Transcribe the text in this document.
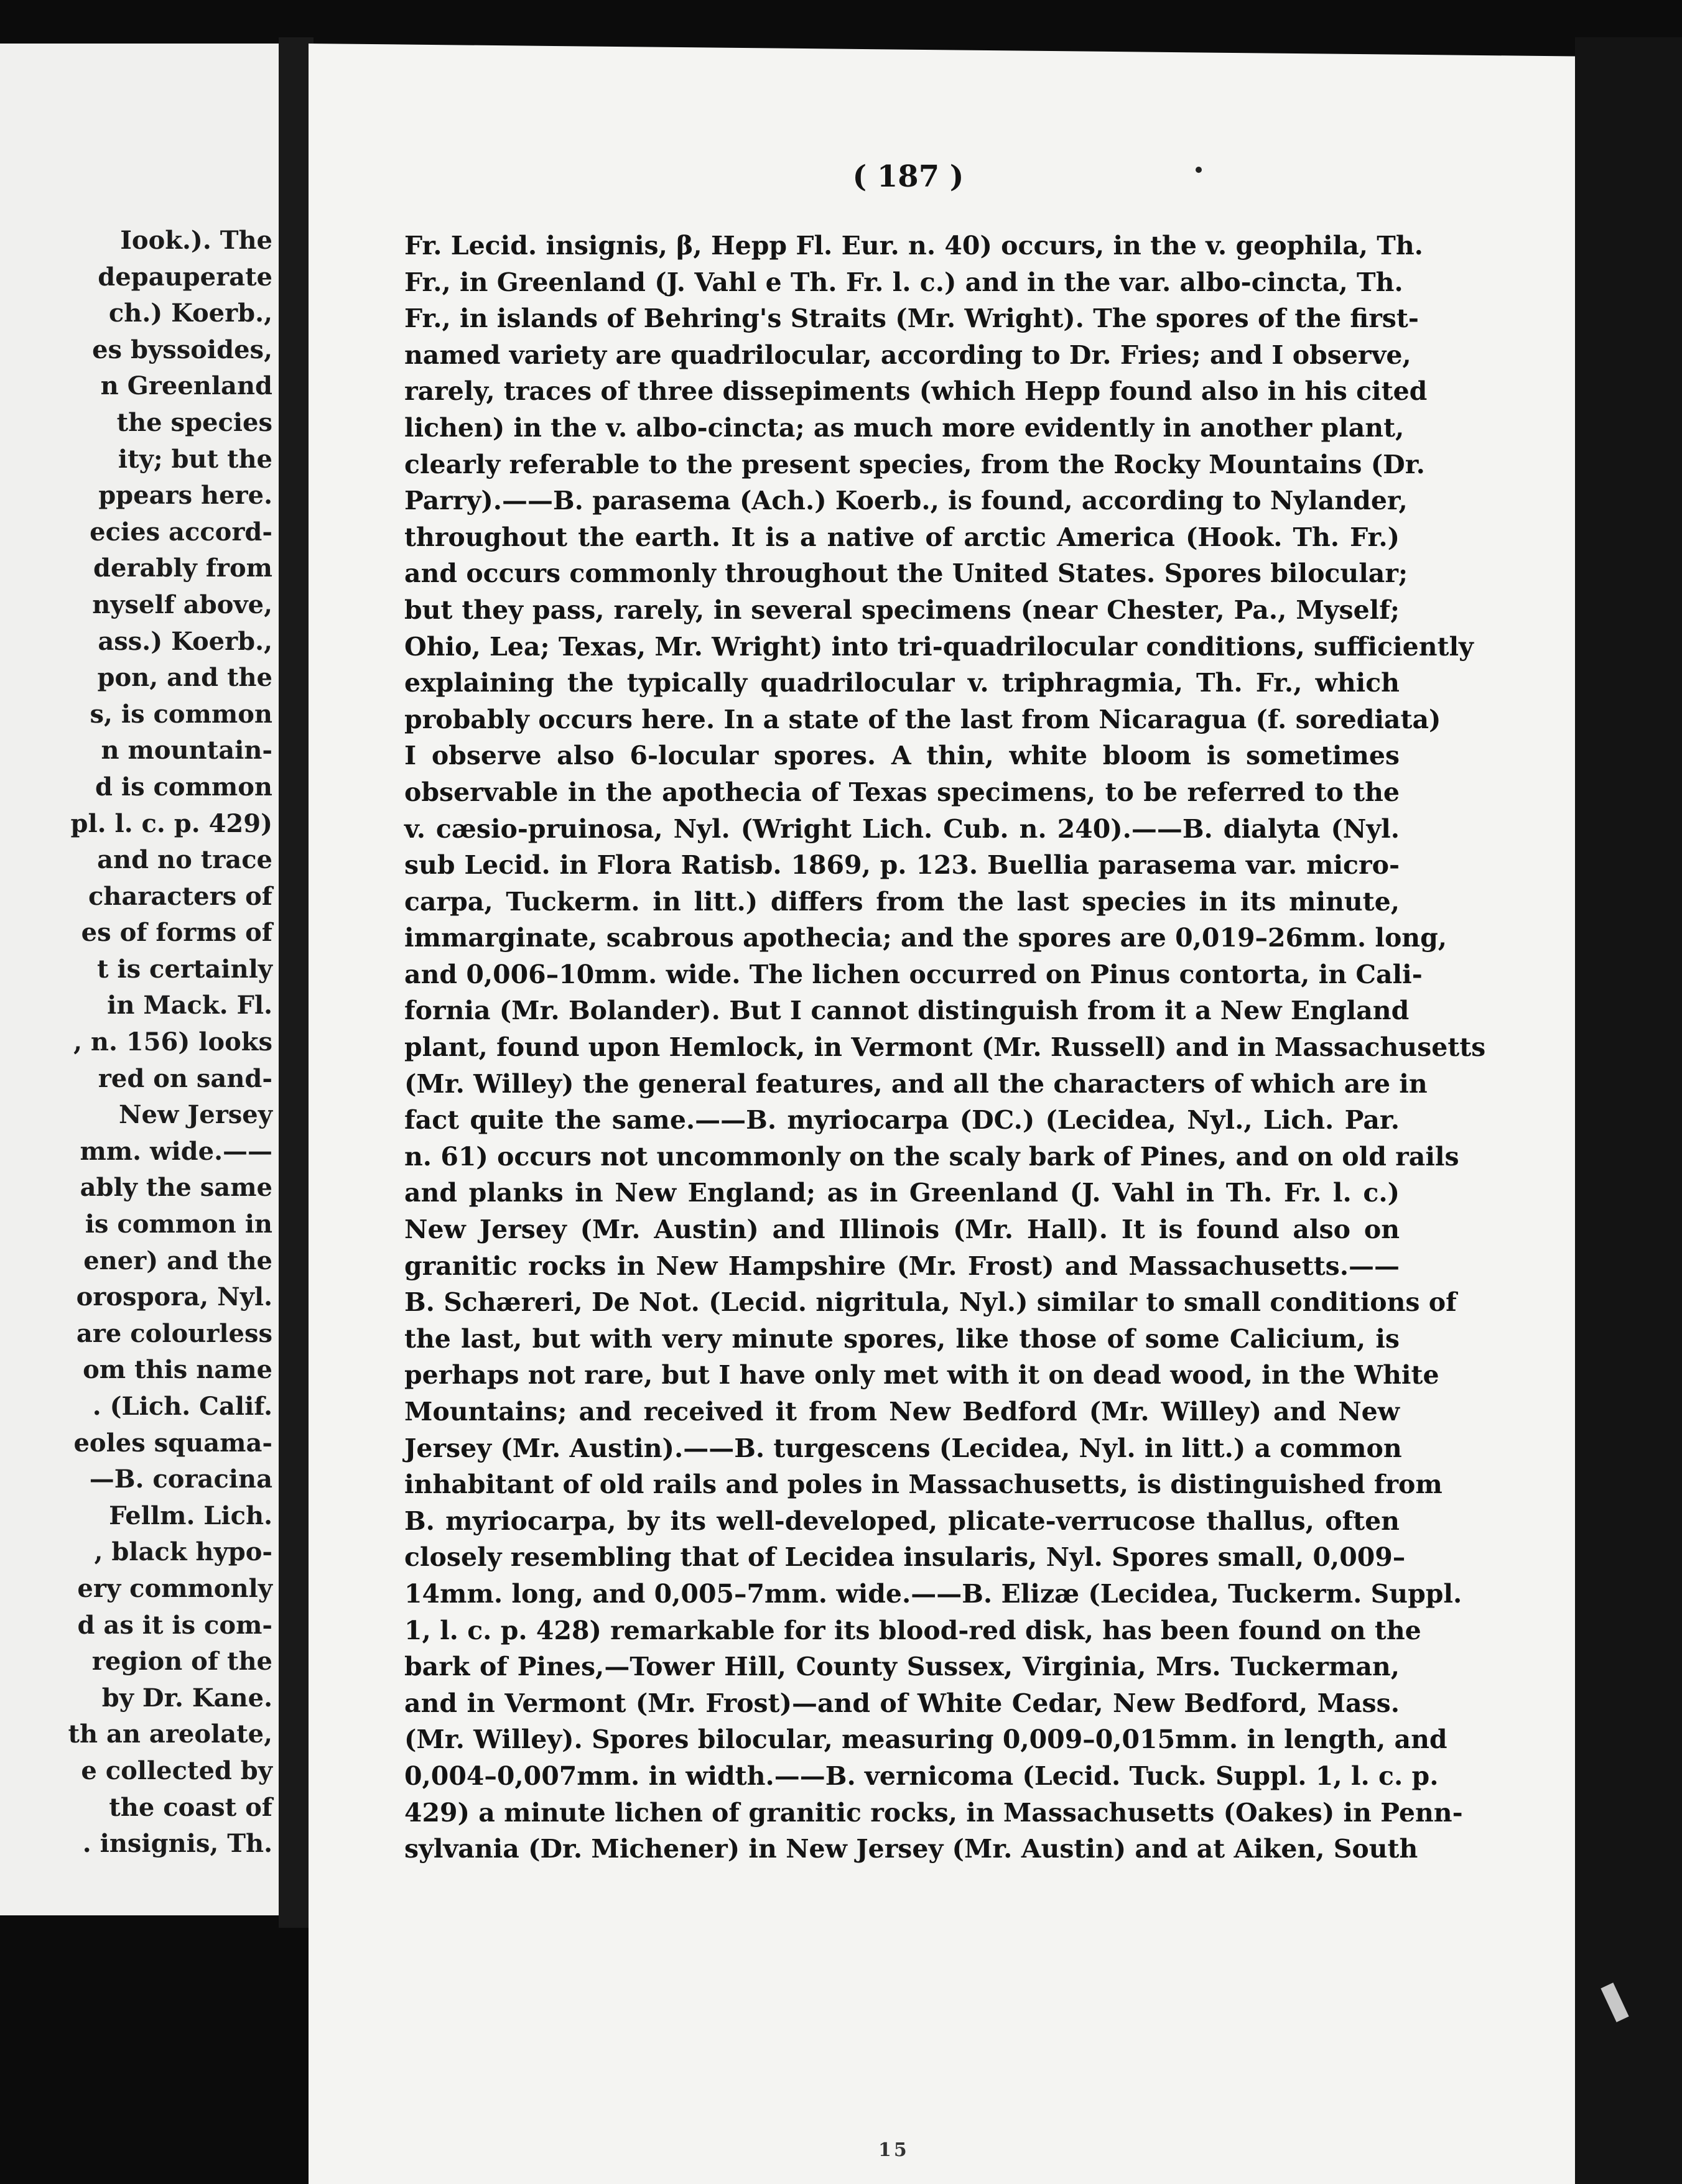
Iook.). The
depauperate
ch.) Koerb.,
es byssoides,
n Greenland
the species
ity; but the
ppears here.
ecies accord-
derably from
nyself above,
ass.) Koerb.,
pon, and the
s, is common
n mountain-
d is common
pl. l. c. p. 429)
and no trace
characters of
es of forms of
t is certainly
in Mack. Fl.
, n. 156) looks
red on sand-
New Jersey
mm. wide.——
ably the same
is common in
ener) and the
orospora, Nyl.
are colourless
om this name
. (Lich. Calif.
eoles squama-
—B. coracina
Fellm. Lich.
, black hypo-
ery commonly
d as it is com-
region of the
by Dr. Kane.
th an areolate,
e collected by
the coast of
. insignis, Th.
( 187 )
Fr. Lecid. insignis, β, Hepp Fl. Eur. n. 40) occurs, in the v. geophila, Th.
Fr., in Greenland (J. Vahl e Th. Fr. l. c.) and in the var. albo-cincta, Th.
Fr., in islands of Behring's Straits (Mr. Wright). The spores of the first-
named variety are quadrilocular, according to Dr. Fries; and I observe,
rarely, traces of three dissepiments (which Hepp found also in his cited
lichen) in the v. albo-cincta; as much more evidently in another plant,
clearly referable to the present species, from the Rocky Mountains (Dr.
Parry).——B. parasema (Ach.) Koerb., is found, according to Nylander,
throughout the earth. It is a native of arctic America (Hook. Th. Fr.)
and occurs commonly throughout the United States. Spores bilocular;
but they pass, rarely, in several specimens (near Chester, Pa., Myself;
Ohio, Lea; Texas, Mr. Wright) into tri-quadrilocular conditions, sufficiently
explaining the typically quadrilocular v. triphragmia, Th. Fr., which
probably occurs here. In a state of the last from Nicaragua (f. sorediata)
I observe also 6-locular spores. A thin, white bloom is sometimes
observable in the apothecia of Texas specimens, to be referred to the
v. cæsio-pruinosa, Nyl. (Wright Lich. Cub. n. 240).——B. dialyta (Nyl.
sub Lecid. in Flora Ratisb. 1869, p. 123. Buellia parasema var. micro-
carpa, Tuckerm. in litt.) differs from the last species in its minute,
immarginate, scabrous apothecia; and the spores are 0,019–26mm. long,
and 0,006–10mm. wide. The lichen occurred on Pinus contorta, in Cali-
fornia (Mr. Bolander). But I cannot distinguish from it a New England
plant, found upon Hemlock, in Vermont (Mr. Russell) and in Massachusetts
(Mr. Willey) the general features, and all the characters of which are in
fact quite the same.——B. myriocarpa (DC.) (Lecidea, Nyl., Lich. Par.
n. 61) occurs not uncommonly on the scaly bark of Pines, and on old rails
and planks in New England; as in Greenland (J. Vahl in Th. Fr. l. c.)
New Jersey (Mr. Austin) and Illinois (Mr. Hall). It is found also on
granitic rocks in New Hampshire (Mr. Frost) and Massachusetts.——
B. Schæreri, De Not. (Lecid. nigritula, Nyl.) similar to small conditions of
the last, but with very minute spores, like those of some Calicium, is
perhaps not rare, but I have only met with it on dead wood, in the White
Mountains; and received it from New Bedford (Mr. Willey) and New
Jersey (Mr. Austin).——B. turgescens (Lecidea, Nyl. in litt.) a common
inhabitant of old rails and poles in Massachusetts, is distinguished from
B. myriocarpa, by its well-developed, plicate-verrucose thallus, often
closely resembling that of Lecidea insularis, Nyl. Spores small, 0,009–
14mm. long, and 0,005–7mm. wide.——B. Elizæ (Lecidea, Tuckerm. Suppl.
1, l. c. p. 428) remarkable for its blood-red disk, has been found on the
bark of Pines,—Tower Hill, County Sussex, Virginia, Mrs. Tuckerman,
and in Vermont (Mr. Frost)—and of White Cedar, New Bedford, Mass.
(Mr. Willey). Spores bilocular, measuring 0,009–0,015mm. in length, and
0,004–0,007mm. in width.——B. vernicoma (Lecid. Tuck. Suppl. 1, l. c. p.
429) a minute lichen of granitic rocks, in Massachusetts (Oakes) in Penn-
sylvania (Dr. Michener) in New Jersey (Mr. Austin) and at Aiken, South
15
